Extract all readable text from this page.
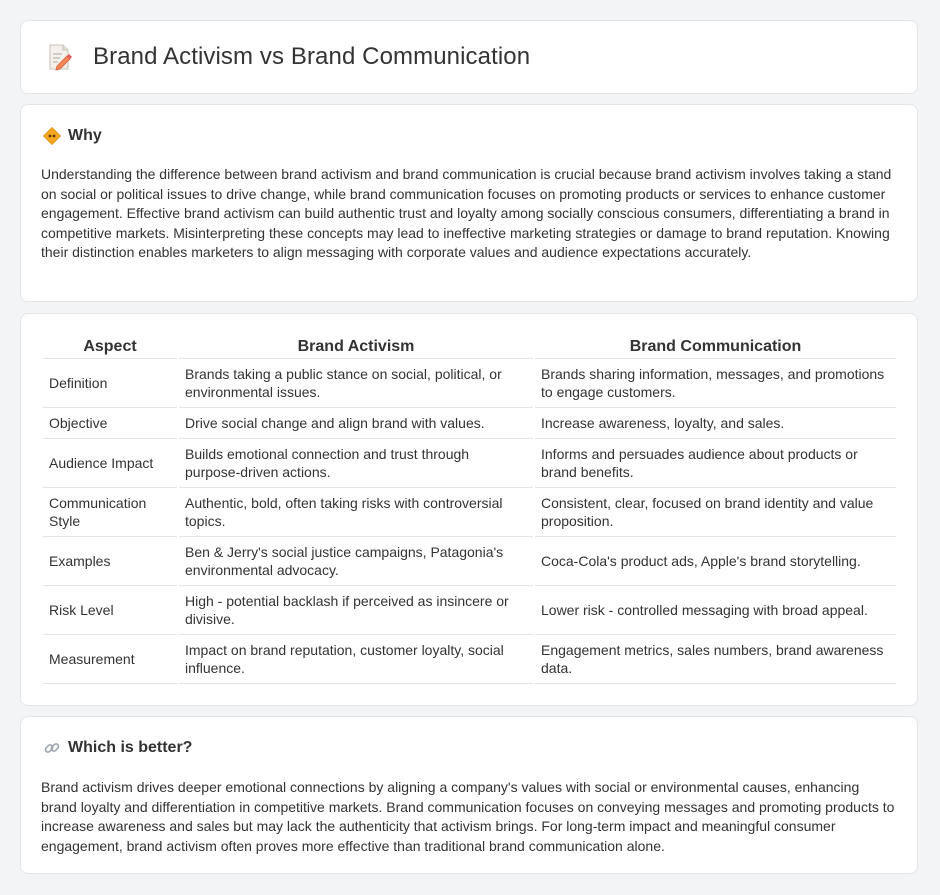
Brand Activism vs Brand Communication
Why
Understanding the difference between brand activism and brand communication is crucial because brand activism involves taking a stand on social or political issues to drive change, while brand communication focuses on promoting products or services to enhance customer engagement. Effective brand activism can build authentic trust and loyalty among socially conscious consumers, differentiating a brand in competitive markets. Misinterpreting these concepts may lead to ineffective marketing strategies or damage to brand reputation. Knowing their distinction enables marketers to align messaging with corporate values and audience expectations accurately.
Aspect	Brand Activism	Brand Communication
Definition	Brands taking a public stance on social, political, or environmental issues.	Brands sharing information, messages, and promotions to engage customers.
Objective	Drive social change and align brand with values.	Increase awareness, loyalty, and sales.
Audience Impact	Builds emotional connection and trust through purpose-driven actions.	Informs and persuades audience about products or brand benefits.
Communication Style	Authentic, bold, often taking risks with controversial topics.	Consistent, clear, focused on brand identity and value proposition.
Examples	Ben & Jerry's social justice campaigns, Patagonia's environmental advocacy.	Coca-Cola's product ads, Apple's brand storytelling.
Risk Level	High - potential backlash if perceived as insincere or divisive.	Lower risk - controlled messaging with broad appeal.
Measurement	Impact on brand reputation, customer loyalty, social influence.	Engagement metrics, sales numbers, brand awareness data.
Which is better?
Brand activism drives deeper emotional connections by aligning a company's values with social or environmental causes, enhancing brand loyalty and differentiation in competitive markets. Brand communication focuses on conveying messages and promoting products to increase awareness and sales but may lack the authenticity that activism brings. For long-term impact and meaningful consumer engagement, brand activism often proves more effective than traditional brand communication alone.
